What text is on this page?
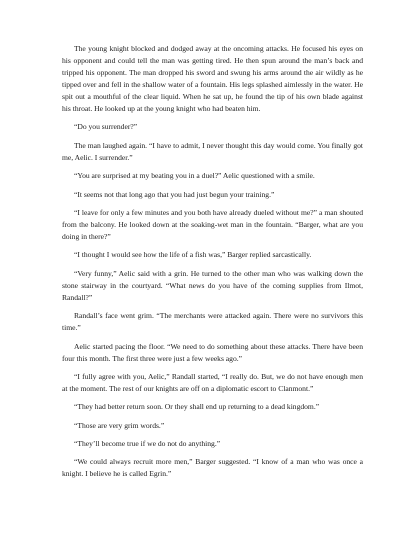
The young knight blocked and dodged away at the oncoming attacks. He focused his eyes on his opponent and could tell the man was getting tired. He then spun around the man’s back and tripped his opponent. The man dropped his sword and swung his arms around the air wildly as he tipped over and fell in the shallow water of a fountain. His legs splashed aimlessly in the water. He spit out a mouthful of the clear liquid. When he sat up, he found the tip of his own blade against his throat. He looked up at the young knight who had beaten him.

“Do you surrender?”

The man laughed again. “I have to admit, I never thought this day would come. You finally got me, Aelic. I surrender.”

“You are surprised at my beating you in a duel?” Aelic questioned with a smile.

“It seems not that long ago that you had just begun your training.”

“I leave for only a few minutes and you both have already dueled without me?” a man shouted from the balcony. He looked down at the soaking-wet man in the fountain. “Barger, what are you doing in there?”

“I thought I would see how the life of a fish was,” Barger replied sarcastically.

“Very funny,” Aelic said with a grin. He turned to the other man who was walking down the stone stairway in the courtyard. “What news do you have of the coming supplies from Ilmot, Randall?”

Randall’s face went grim. “The merchants were attacked again. There were no survivors this time.”

Aelic started pacing the floor. “We need to do something about these attacks. There have been four this month. The first three were just a few weeks ago.”

“I fully agree with you, Aelic,” Randall started, “I really do. But, we do not have enough men at the moment. The rest of our knights are off on a diplomatic escort to Clanmont.”

“They had better return soon. Or they shall end up returning to a dead kingdom.”

“Those are very grim words.”

“They’ll become true if we do not do anything.”

“We could always recruit more men,” Barger suggested. “I know of a man who was once a knight. I believe he is called Egrin.”
